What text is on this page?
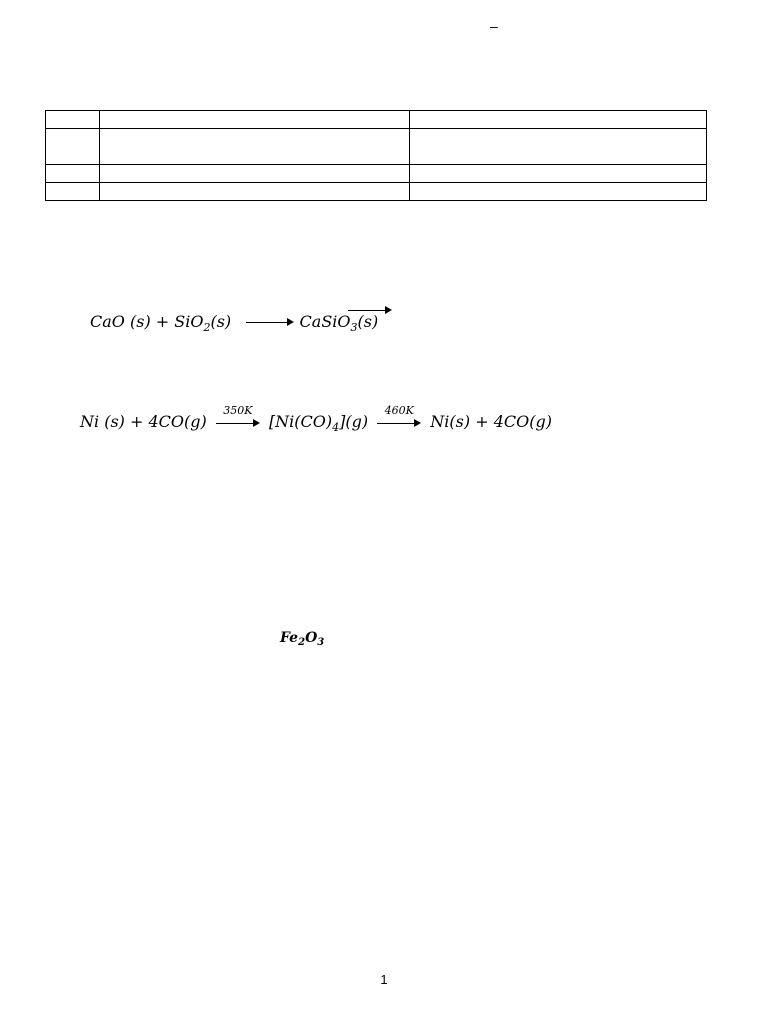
–

CaO (s) + SiO$_2$(s)	CaSiO$_3$(s)
Ni (s) + 4CO(g)
350K
$[Ni(CO)_4](g)$
460K
Ni(s) + 4CO(g)
$Fe_2O_3$
1
